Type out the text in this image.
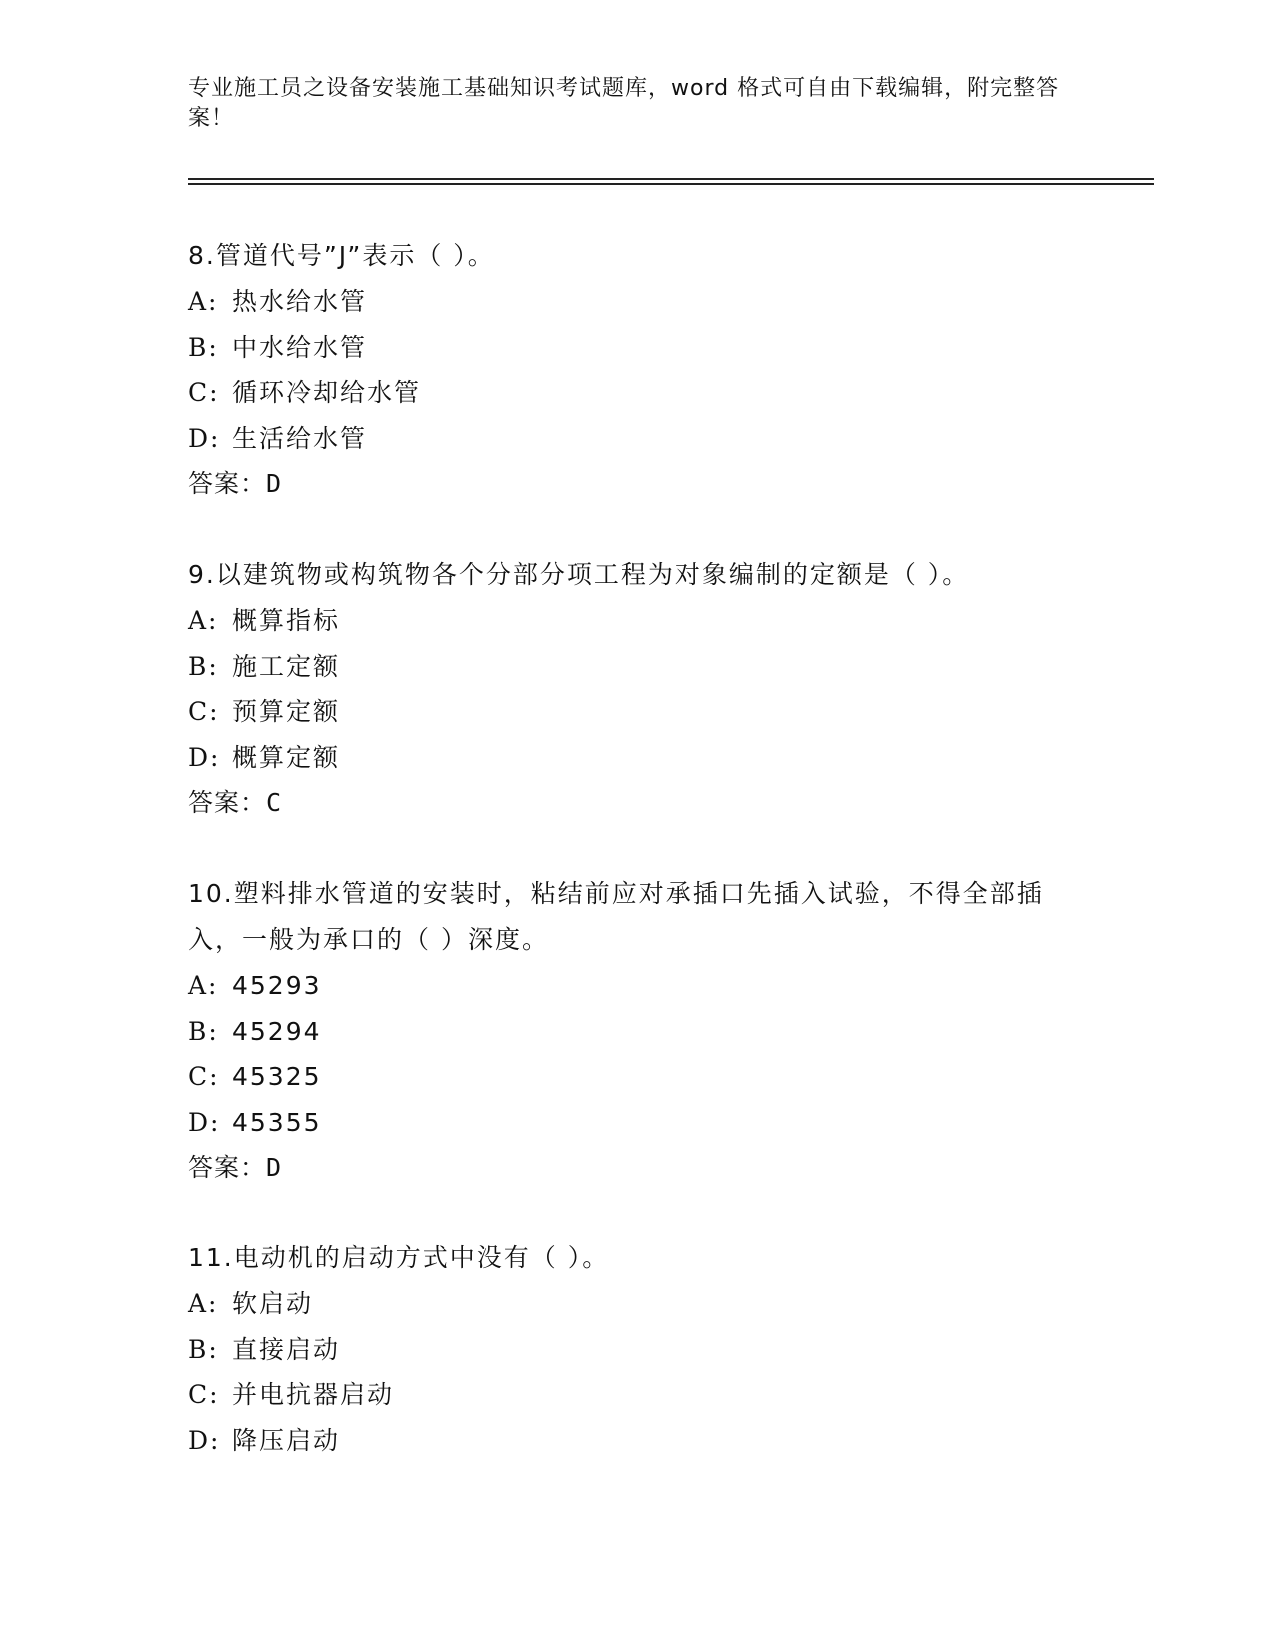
专业施工员之设备安装施工基础知识考试题库，word 格式可自由下载编辑，附完整答案！

8.管道代号”J”表示（ ）。

A: 热水给水管
B: 中水给水管
C: 循环冷却给水管
D: 生活给水管
答案：D

9.以建筑物或构筑物各个分部分项工程为对象编制的定额是（ ）。

A: 概算指标
B: 施工定额
C: 预算定额
D: 概算定额
答案：C

10.塑料排水管道的安装时，粘结前应对承插口先插入试验，不得全部插入，一般为承口的（ ）深度。

A: 45293
B: 45294
C: 45325
D: 45355
答案：D

11.电动机的启动方式中没有（ ）。

A: 软启动
B: 直接启动
C: 并电抗器启动
D: 降压启动
